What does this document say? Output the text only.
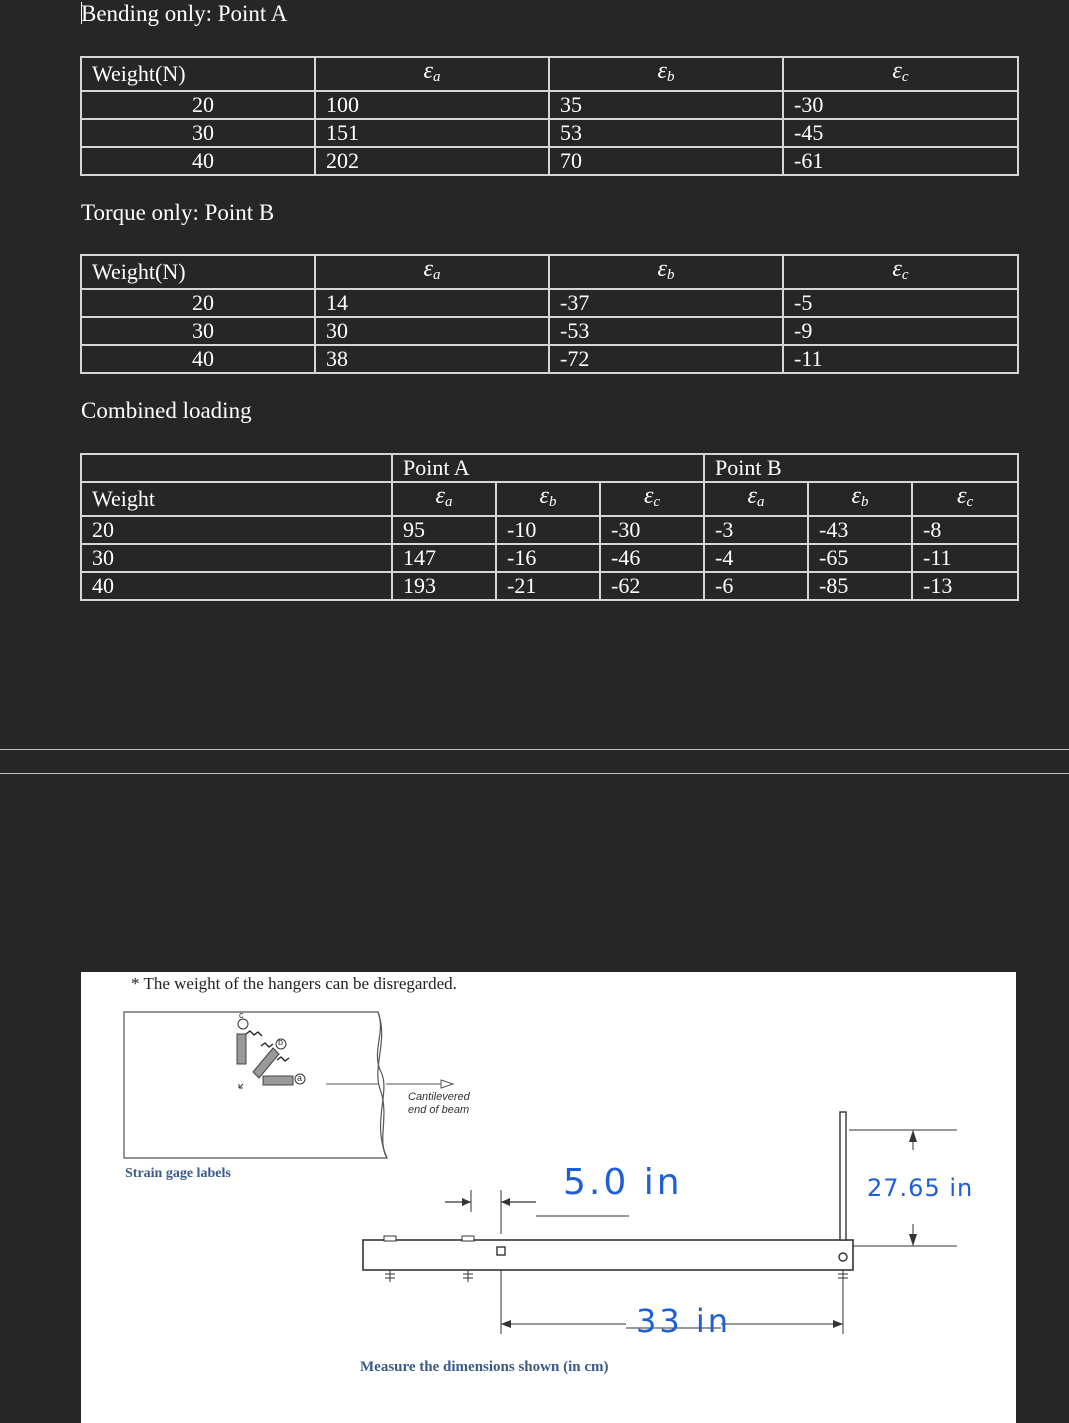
Bending only: Point A
Weight(N)	$\varepsilon_a$	$\varepsilon_b$	$\varepsilon_c$
20	100	35	-30
30	151	53	-45
40	202	70	-61
Torque only: Point B
Weight(N)	$\varepsilon_a$	$\varepsilon_b$	$\varepsilon_c$
20	14	-37	-5
30	30	-53	-9
40	38	-72	-11
Combined loading
	Point A			Point B		
Weight	$\varepsilon_a$	$\varepsilon_b$	$\varepsilon_c$	$\varepsilon_a$	$\varepsilon_b$	$\varepsilon_c$
20	95	-10	-30	-3	-43	-8
30	147	-16	-46	-4	-65	-11
40	193	-21	-62	-6	-85	-13
* The weight of the hangers can be disregarded.
c
b
a
Cantilevered
end of beam
Strain gage labels	5.0 in
33 in
27.65 in
Measure the dimensions shown (in cm)
